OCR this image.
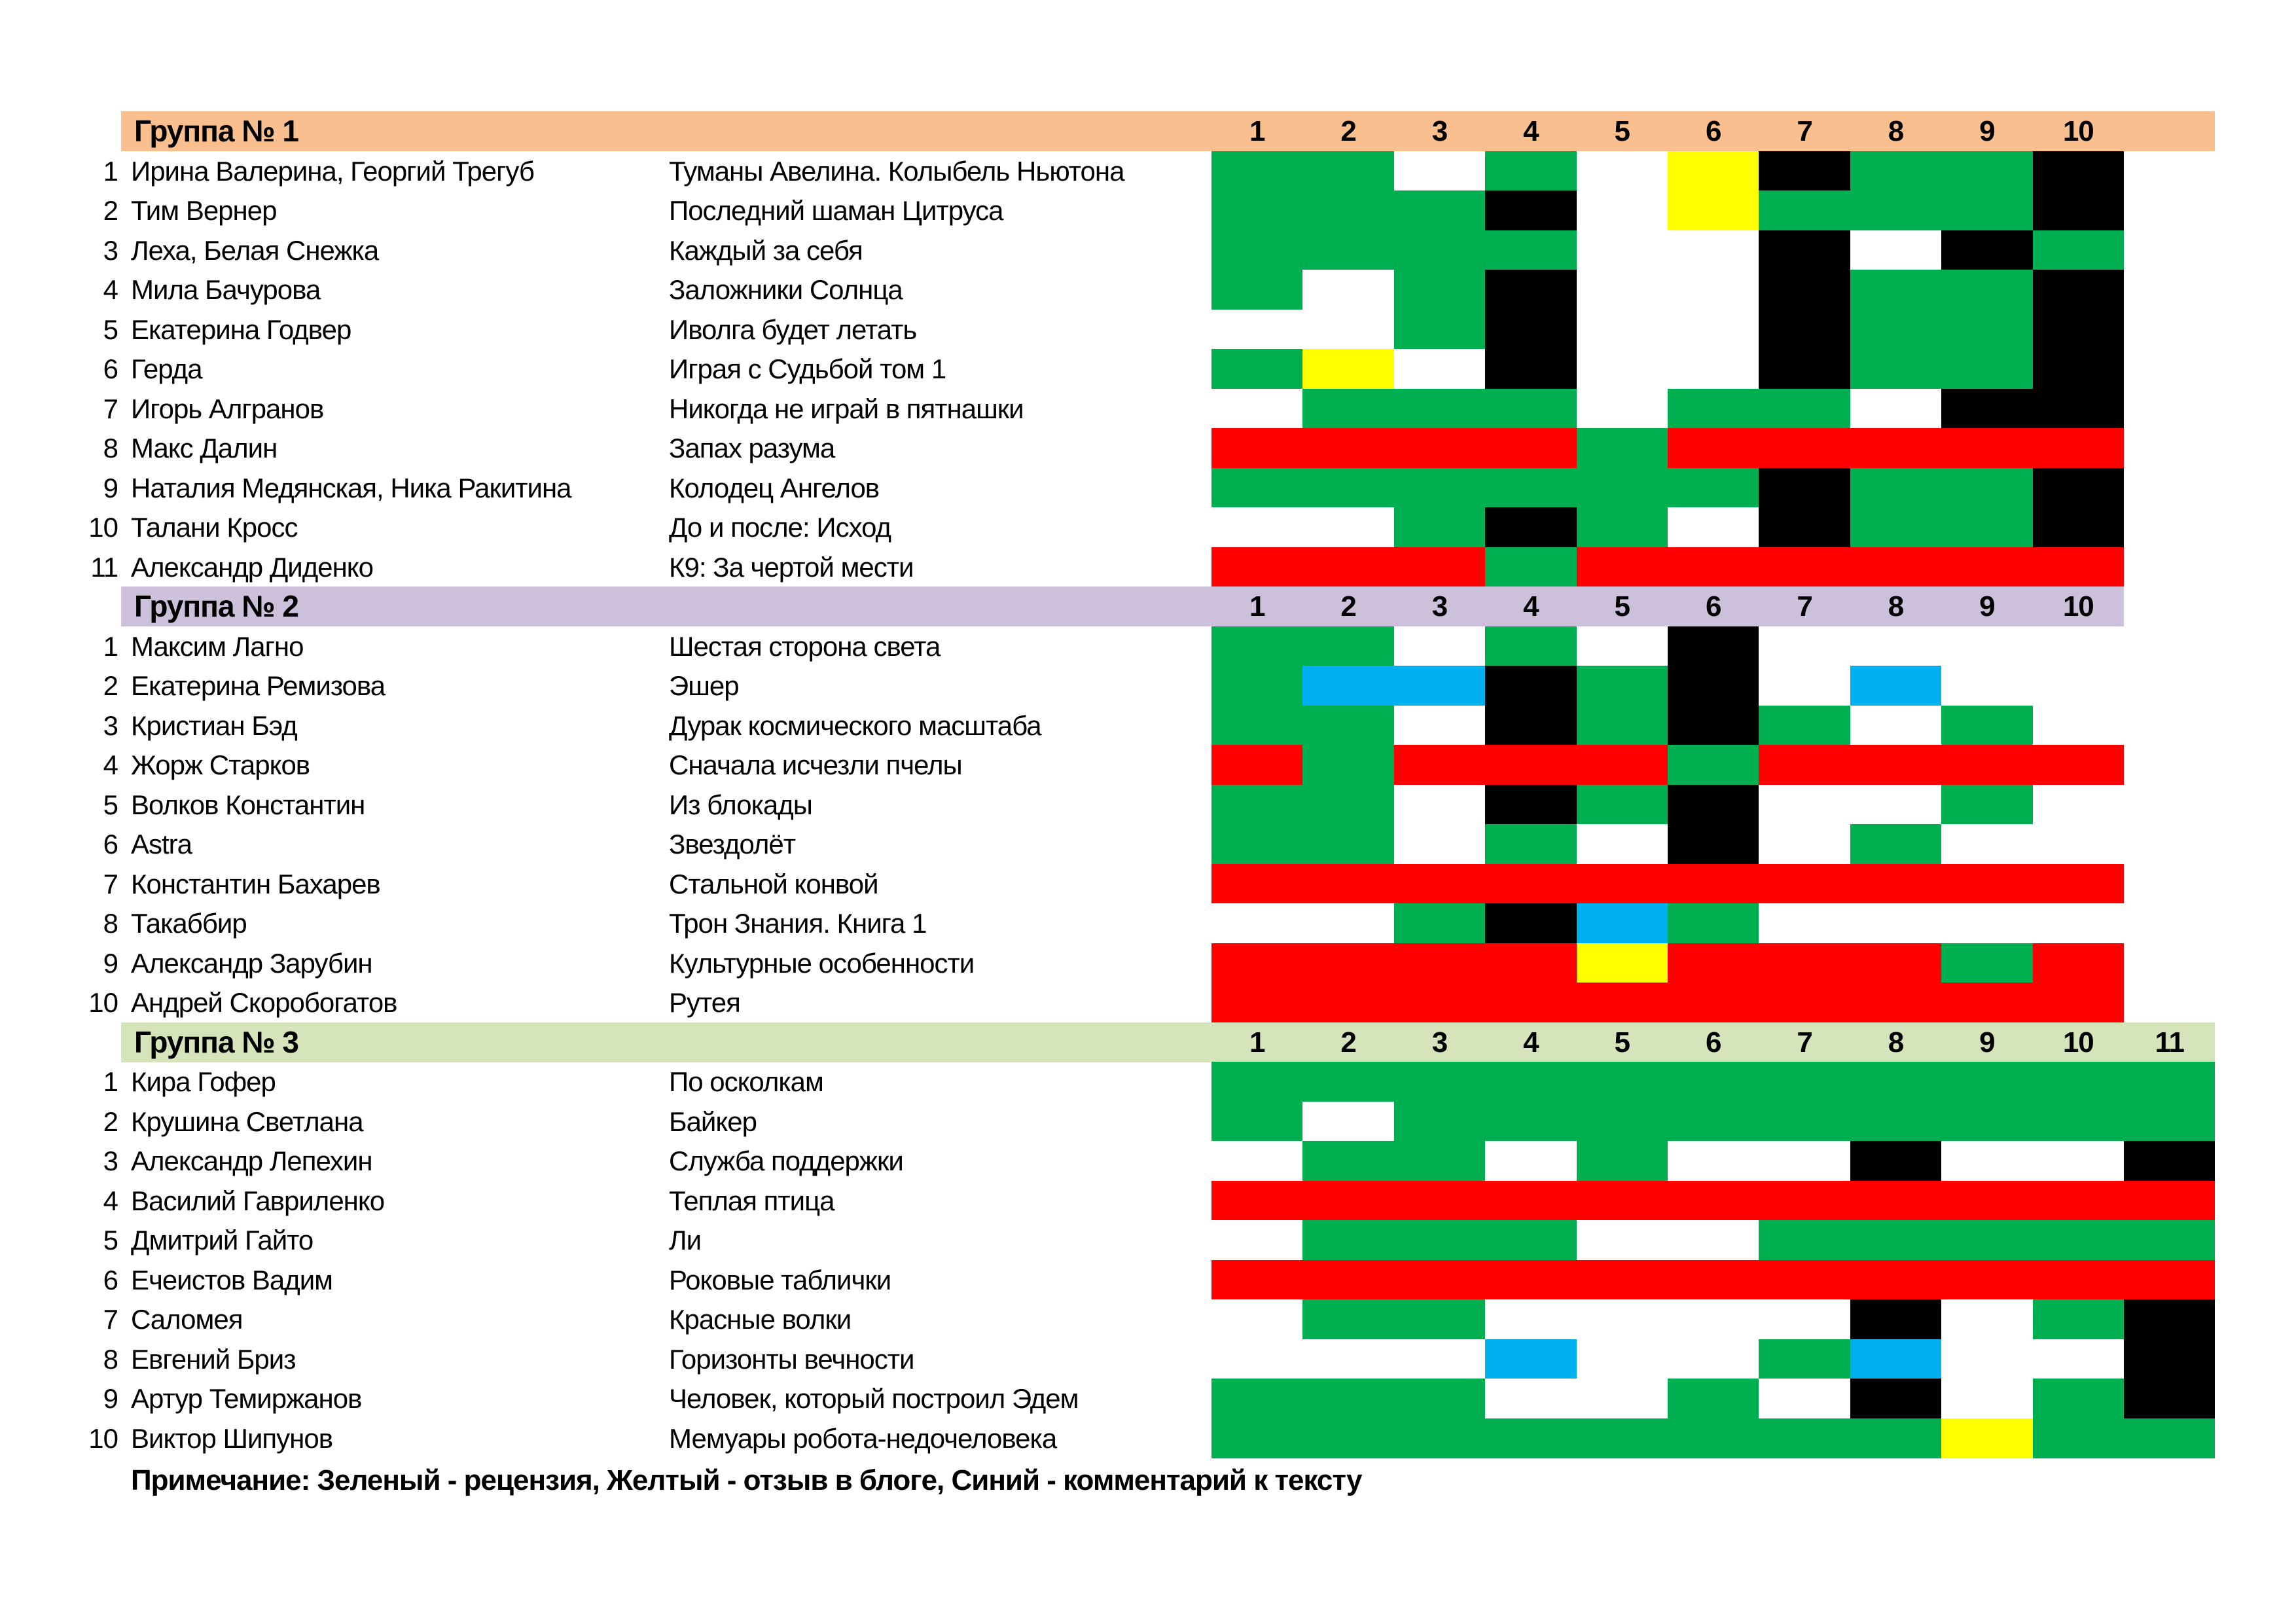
Группа № 1	1	2	3	4	5	6	7	8	9	10
1 Ирина Валерина, Георгий Трегуб	Туманы Авелина. Колыбель Ньютона
2 Тим Вернер	Последний шаман Цитруса
3 Леха, Белая Снежка	Каждый за себя
4 Мила Бачурова	Заложники Солнца
5 Екатерина Годвер	Иволга будет летать
6 Герда	Играя с Судьбой том 1
7 Игорь Алгранов	Никогда не играй в пятнашки
8 Макс Далин	Запах разума
9 Наталия Медянская, Ника Ракитина	Колодец Ангелов
10 Талани Кросс	До и после: Исход
11 Александр Диденко	К9: За чертой мести
Группа № 2	1	2	3	4	5	6	7	8	9	10
1 Максим Лагно	Шестая сторона света
2 Екатерина Ремизова	Эшер
3 Кристиан Бэд	Дурак космического масштаба
4 Жорж Старков	Сначала исчезли пчелы
5 Волков Константин	Из блокады
6 Astra	Звездолёт
7 Константин Бахарев	Стальной конвой
8 Такаббир	Трон Знания. Книга 1
9 Александр Зарубин	Культурные особенности
10 Андрей Скоробогатов	Рутея
Группа № 3	1	2	3	4	5	6	7	8	9	10	11
1 Кира Гофер	По осколкам
2 Крушина Светлана	Байкер
3 Александр Лепехин	Служба поддержки
4 Василий Гавриленко	Теплая птица
5 Дмитрий Гайто	Ли
6 Ечеистов Вадим	Роковые таблички
7 Саломея	Красные волки
8 Евгений Бриз	Горизонты вечности
9 Артур Темиржанов	Человек, который построил Эдем
10 Виктор Шипунов	Мемуары робота-недочеловека
Примечание: Зеленый - рецензия, Желтый - отзыв в блоге, Синий - комментарий к тексту
